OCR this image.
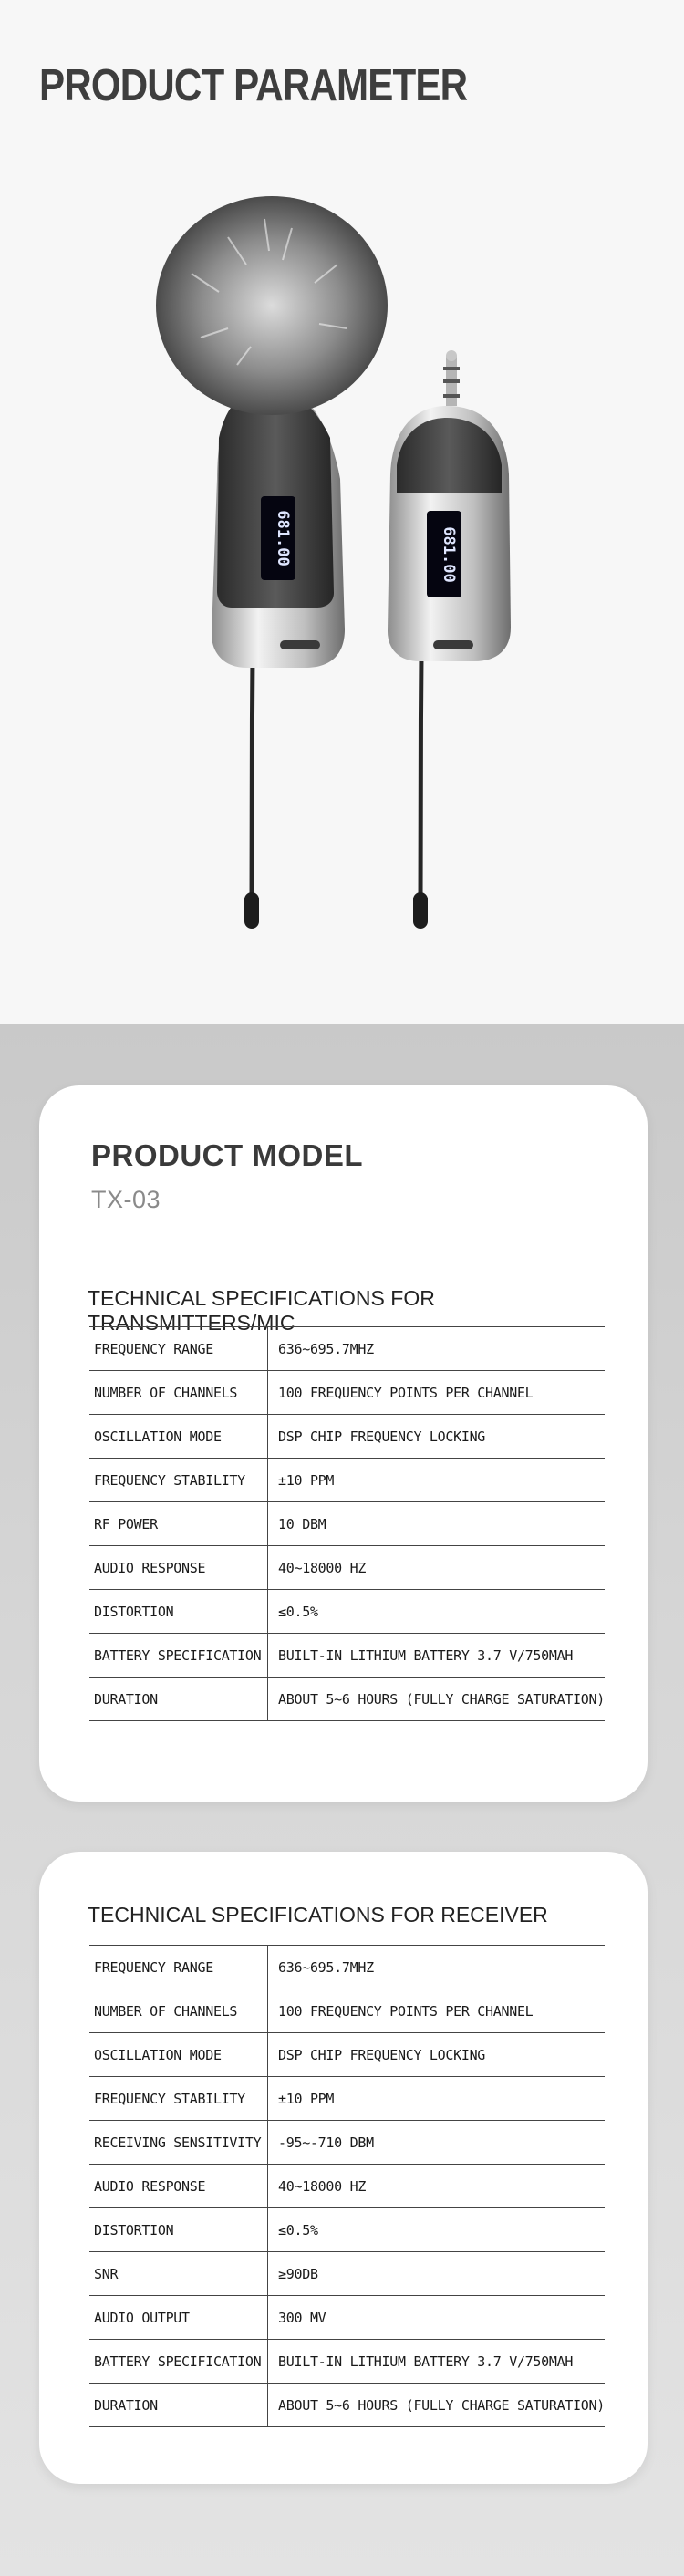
PRODUCT PARAMETER
681.00	681.00
PRODUCT MODEL
TX-03
TECHNICAL SPECIFICATIONS FOR TRANSMITTERS/MIC
FREQUENCY RANGE	636~695.7MHZ
NUMBER OF CHANNELS	100 FREQUENCY POINTS PER CHANNEL
OSCILLATION MODE	DSP CHIP FREQUENCY LOCKING
FREQUENCY STABILITY	±10 PPM
RF POWER	10 DBM
AUDIO RESPONSE	40~18000 HZ
DISTORTION	≤0.5%
BATTERY SPECIFICATION	BUILT-IN LITHIUM BATTERY 3.7 V/750MAH
DURATION	ABOUT 5~6 HOURS (FULLY CHARGE SATURATION)
TECHNICAL SPECIFICATIONS FOR RECEIVER
FREQUENCY RANGE	636~695.7MHZ
NUMBER OF CHANNELS	100 FREQUENCY POINTS PER CHANNEL
OSCILLATION MODE	DSP CHIP FREQUENCY LOCKING
FREQUENCY STABILITY	±10 PPM
RECEIVING SENSITIVITY	-95~-710 DBM
AUDIO RESPONSE	40~18000 HZ
DISTORTION	≤0.5%
SNR	≥90DB
AUDIO OUTPUT	300 MV
BATTERY SPECIFICATION	BUILT-IN LITHIUM BATTERY 3.7 V/750MAH
DURATION	ABOUT 5~6 HOURS (FULLY CHARGE SATURATION)
